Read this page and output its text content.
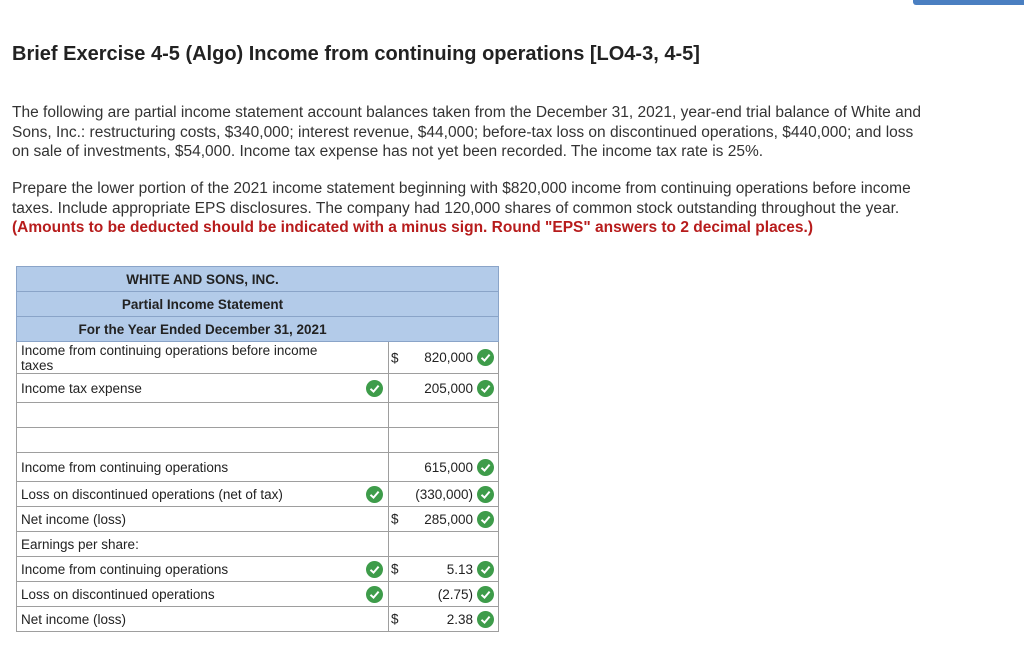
Brief Exercise 4-5 (Algo) Income from continuing operations [LO4-3, 4-5]
The following are partial income statement account balances taken from the December 31, 2021, year-end trial balance of White and
Sons, Inc.: restructuring costs, $340,000; interest revenue, $44,000; before-tax loss on discontinued operations, $440,000; and loss
on sale of investments, $54,000. Income tax expense has not yet been recorded. The income tax rate is 25%.
Prepare the lower portion of the 2021 income statement beginning with $820,000 income from continuing operations before income
taxes. Include appropriate EPS disclosures. The company had 120,000 shares of common stock outstanding throughout the year.
(Amounts to be deducted should be indicated with a minus sign. Round "EPS" answers to 2 decimal places.)
WHITE AND SONS, INC.		
Partial Income Statement		
For the Year Ended December 31, 2021		
Income from continuing operations before income taxes		$ 820,000

Income tax expense		205,000

Income from continuing operations		615,000

Loss on discontinued operations (net of tax)		(330,000)

Net income (loss)		$ 285,000

Earnings per share:		
Income from continuing operations		$ 5.13

Loss on discontinued operations		(2.75)

Net income (loss)		$ 2.38
